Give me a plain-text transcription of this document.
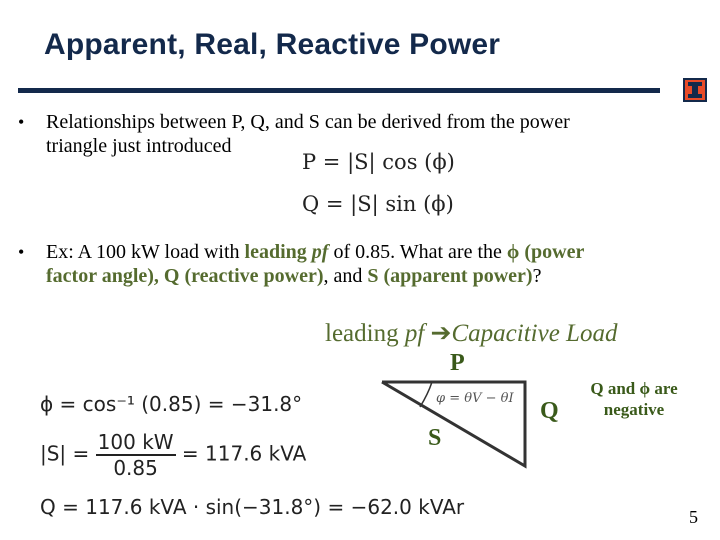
Apparent, Real, Reactive Power
• Relationships between P, Q, and S can be derived from the power
triangle just introduced
P = |S| cos (ϕ)
Q = |S| sin (ϕ)
• Ex: A 100 kW load with leading pf of 0.85. What are the ϕ (power
factor angle), Q (reactive power), and S (apparent power)?
leading pf ➔Capacitive Load
φ = θV − θI
P
S
Q
Q and ϕ are
negative
ϕ = cos⁻¹ (0.85) = −31.8°
$|S| = \frac{100 kW}{0.85} = 117.6$ kVA
Q = 117.6 kVA · sin(−31.8°) = −62.0 kVAr	5
